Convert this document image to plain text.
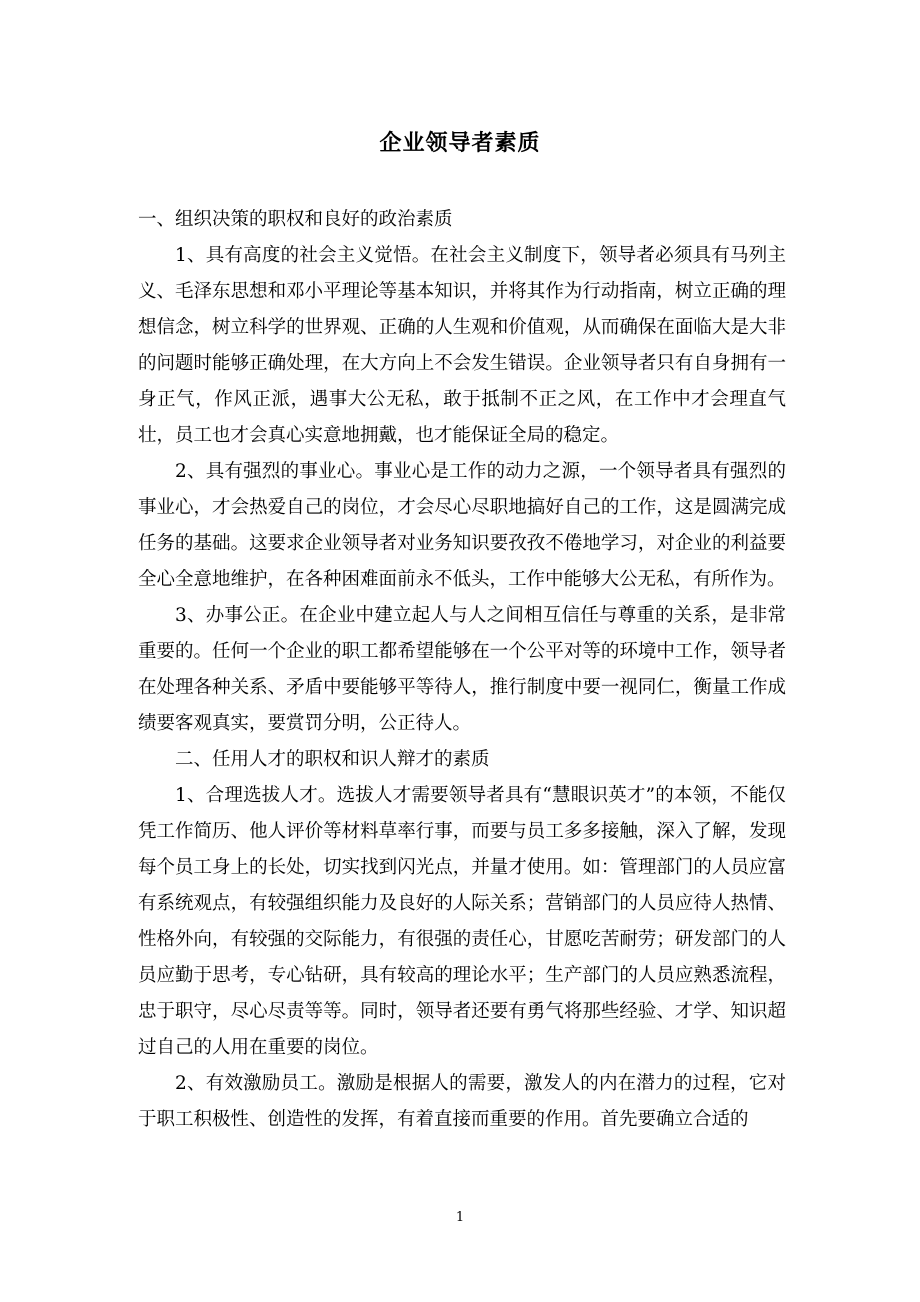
企业领导者素质

一、组织决策的职权和良好的政治素质

1、具有高度的社会主义觉悟。在社会主义制度下，领导者必须具有马列主义、毛泽东思想和邓小平理论等基本知识，并将其作为行动指南，树立正确的理想信念，树立科学的世界观、正确的人生观和价值观，从而确保在面临大是大非的问题时能够正确处理，在大方向上不会发生错误。企业领导者只有自身拥有一身正气，作风正派，遇事大公无私，敢于抵制不正之风，在工作中才会理直气壮，员工也才会真心实意地拥戴，也才能保证全局的稳定。

2、具有强烈的事业心。事业心是工作的动力之源，一个领导者具有强烈的事业心，才会热爱自己的岗位，才会尽心尽职地搞好自己的工作，这是圆满完成任务的基础。这要求企业领导者对业务知识要孜孜不倦地学习，对企业的利益要全心全意地维护，在各种困难面前永不低头，工作中能够大公无私，有所作为。

3、办事公正。在企业中建立起人与人之间相互信任与尊重的关系，是非常重要的。任何一个企业的职工都希望能够在一个公平对等的环境中工作，领导者在处理各种关系、矛盾中要能够平等待人，推行制度中要一视同仁，衡量工作成绩要客观真实，要赏罚分明，公正待人。

二、任用人才的职权和识人辩才的素质

1、合理选拔人才。选拔人才需要领导者具有“慧眼识英才”的本领，不能仅凭工作简历、他人评价等材料草率行事，而要与员工多多接触，深入了解，发现每个员工身上的长处，切实找到闪光点，并量才使用。如：管理部门的人员应富有系统观点，有较强组织能力及良好的人际关系；营销部门的人员应待人热情、性格外向，有较强的交际能力，有很强的责任心，甘愿吃苦耐劳；研发部门的人员应勤于思考，专心钻研，具有较高的理论水平；生产部门的人员应熟悉流程，忠于职守，尽心尽责等等。同时，领导者还要有勇气将那些经验、才学、知识超过自己的人用在重要的岗位。

2、有效激励员工。激励是根据人的需要，激发人的内在潜力的过程，它对于职工积极性、创造性的发挥，有着直接而重要的作用。首先要确立合适的

1
